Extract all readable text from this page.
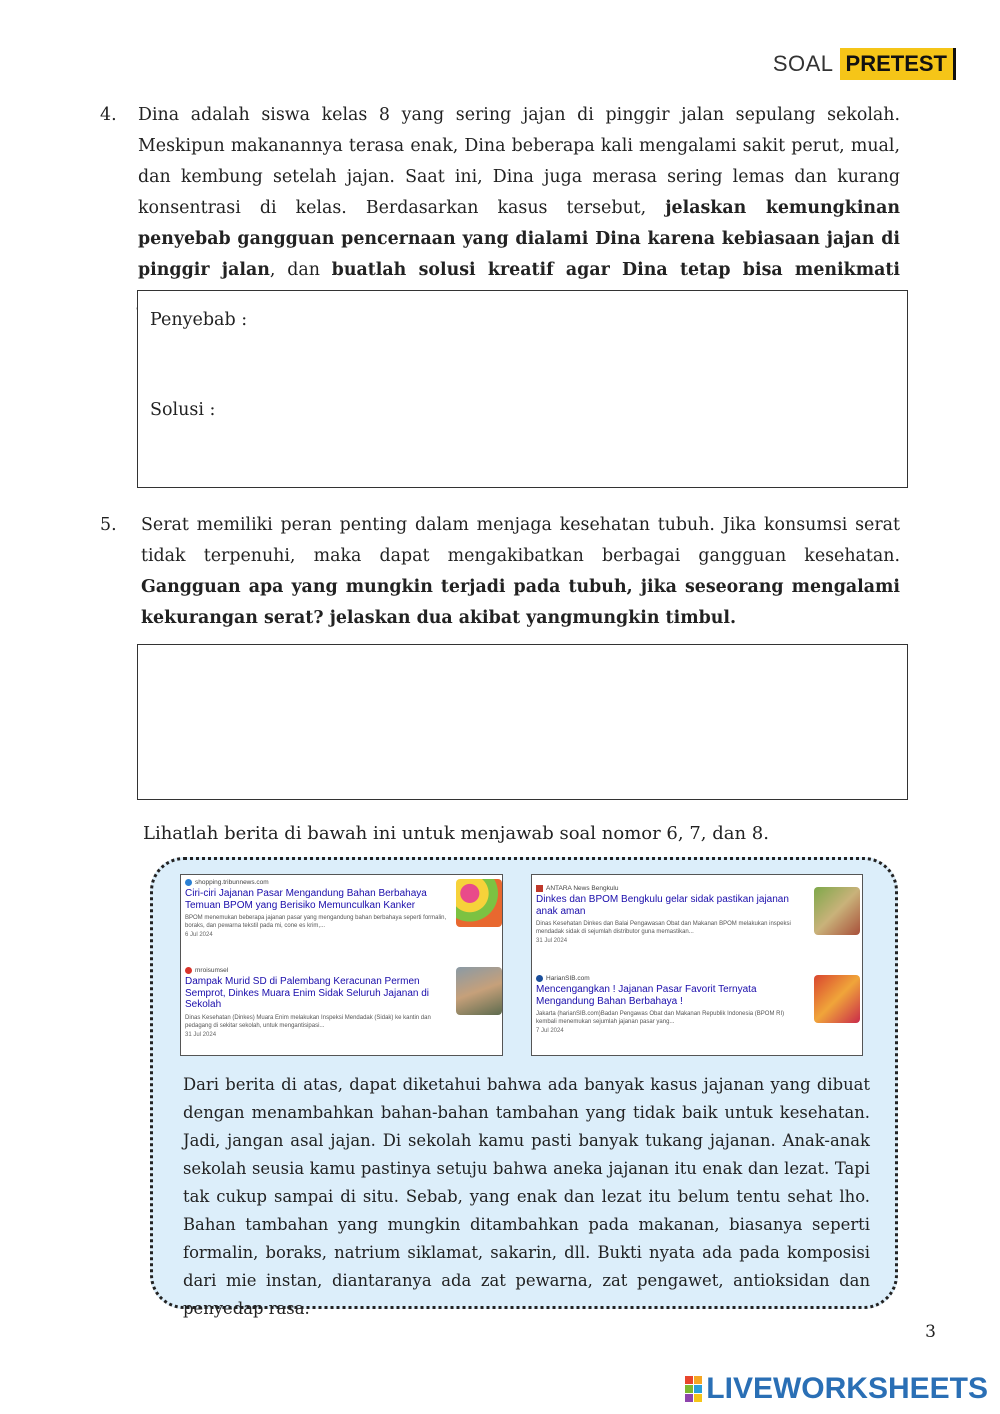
SOAL PRETEST
4. Dina adalah siswa kelas 8 yang sering jajan di pinggir jalan sepulang sekolah. Meskipun makanannya terasa enak, Dina beberapa kali mengalami sakit perut, mual, dan kembung setelah jajan. Saat ini, Dina juga merasa sering lemas dan kurang konsentrasi di kelas. Berdasarkan kasus tersebut, jelaskan kemungkinan penyebab gangguan pencernaan yang dialami Dina karena kebiasaan jajan di pinggir jalan, dan buatlah solusi kreatif agar Dina tetap bisa menikmati
Penyebab :
Solusi :
5. Serat memiliki peran penting dalam menjaga kesehatan tubuh. Jika konsumsi serat tidak terpenuhi, maka dapat mengakibatkan berbagai gangguan kesehatan. Gangguan apa yang mungkin terjadi pada tubuh, jika seseorang mengalami kekurangan serat? jelaskan dua akibat yangmungkin timbul.
Lihatlah berita di bawah ini untuk menjawab soal nomor 6, 7, dan 8.
shopping.tribunnews.com
Ciri-ciri Jajanan Pasar Mengandung Bahan Berbahaya Temuan BPOM yang Berisiko Memunculkan Kanker
BPOM menemukan beberapa jajanan pasar yang mengandung bahan berbahaya seperti formalin, boraks, dan pewarna tekstil pada mi, cone es krim,...
6 Jul 2024
mroisumsel
Dampak Murid SD di Palembang Keracunan Permen Semprot, Dinkes Muara Enim Sidak Seluruh Jajanan di Sekolah
Dinas Kesehatan (Dinkes) Muara Enim melakukan Inspeksi Mendadak (Sidak) ke kantin dan pedagang di sekitar sekolah, untuk mengantisipasi...
31 Jul 2024
ANTARA News Bengkulu
Dinkes dan BPOM Bengkulu gelar sidak pastikan jajanan anak aman
Dinas Kesehatan Dinkes dan Balai Pengawasan Obat dan Makanan BPOM melakukan inspeksi mendadak sidak di sejumlah distributor guna memastikan...
31 Jul 2024
HarianSIB.com
Mencengangkan ! Jajanan Pasar Favorit Ternyata Mengandung Bahan Berbahaya !
Jakarta (harianSIB.com)Badan Pengawas Obat dan Makanan Republik Indonesia (BPOM RI) kembali menemukan sejumlah jajanan pasar yang...
7 Jul 2024
Dari berita di atas, dapat diketahui bahwa ada banyak kasus jajanan yang dibuat dengan menambahkan bahan-bahan tambahan yang tidak baik untuk kesehatan. Jadi, jangan asal jajan. Di sekolah kamu pasti banyak tukang jajanan. Anak-anak sekolah seusia kamu pastinya setuju bahwa aneka jajanan itu enak dan lezat. Tapi tak cukup sampai di situ. Sebab, yang enak dan lezat itu belum tentu sehat lho. Bahan tambahan yang mungkin ditambahkan pada makanan, biasanya seperti formalin, boraks, natrium siklamat, sakarin, dll. Bukti nyata ada pada komposisi dari mie instan, diantaranya ada zat pewarna, zat pengawet, antioksidan dan penyedap rasa.
3
LIVEWORKSHEETS
